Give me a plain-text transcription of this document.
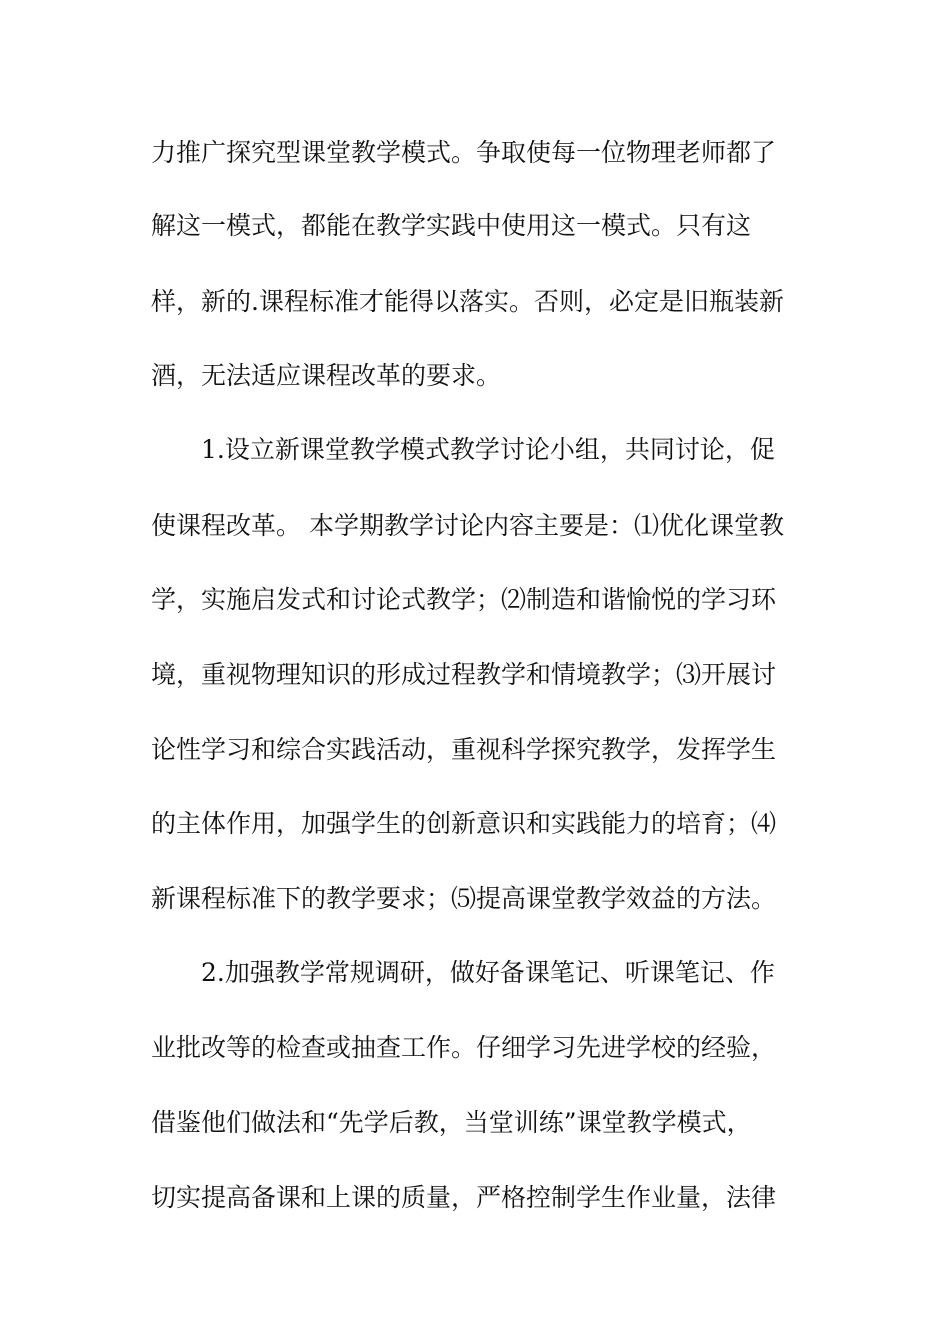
力推广探究型课堂教学模式。争取使每一位物理老师都了
解这一模式，都能在教学实践中使用这一模式。只有这
样，新的.课程标准才能得以落实。否则，必定是旧瓶装新
酒，无法适应课程改革的要求。
1.设立新课堂教学模式教学讨论小组，共同讨论，促
使课程改革。 本学期教学讨论内容主要是：⑴优化课堂教
学，实施启发式和讨论式教学；⑵制造和谐愉悦的学习环
境，重视物理知识的形成过程教学和情境教学；⑶开展讨
论性学习和综合实践活动，重视科学探究教学，发挥学生
的主体作用，加强学生的创新意识和实践能力的培育；⑷
新课程标准下的教学要求；⑸提高课堂教学效益的方法。
2.加强教学常规调研，做好备课笔记、听课笔记、作
业批改等的检查或抽查工作。仔细学习先进学校的经验，
借鉴他们做法和“先学后教，当堂训练”课堂教学模式，
切实提高备课和上课的质量，严格控制学生作业量，法律
